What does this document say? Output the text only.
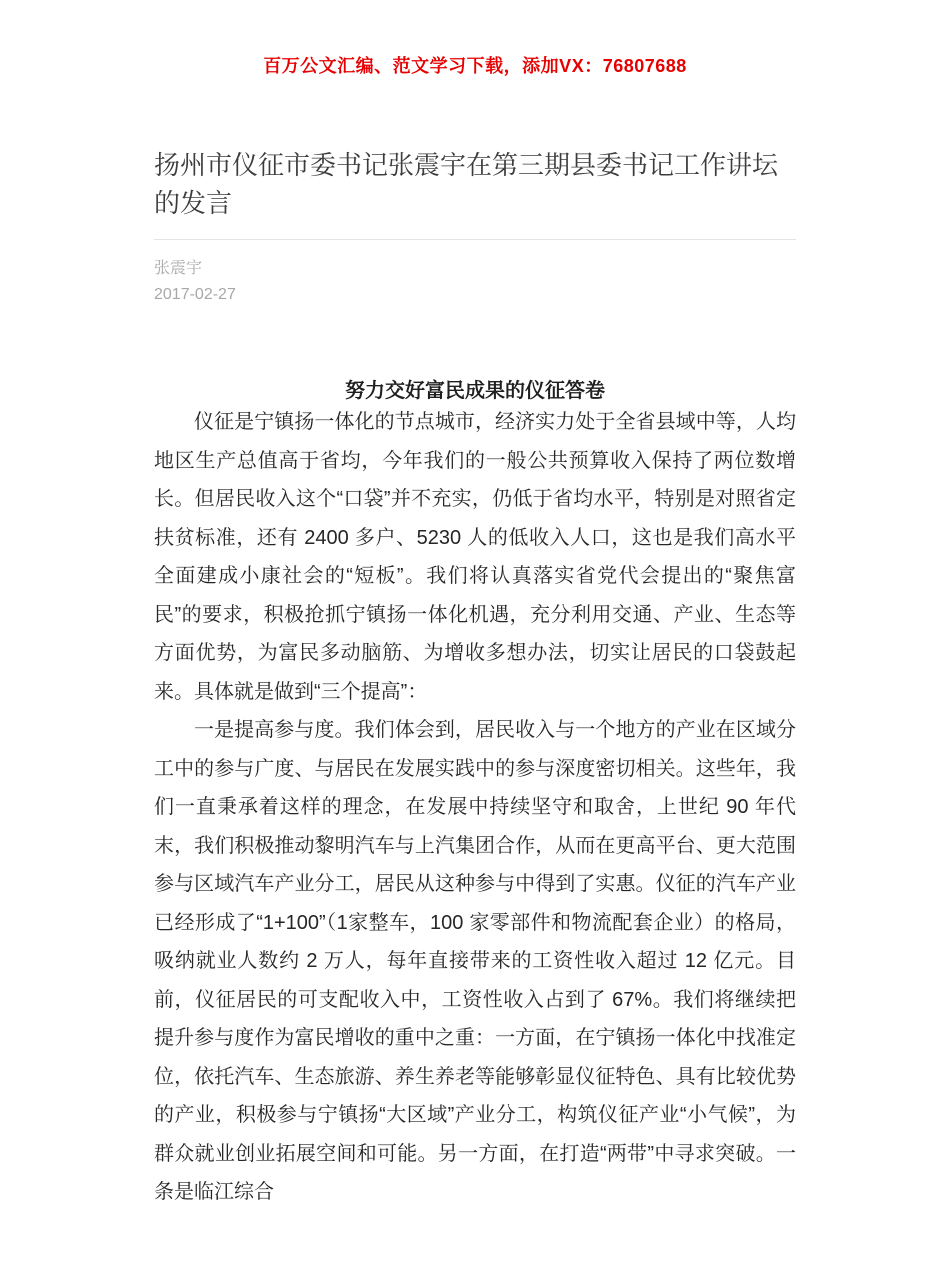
百万公文汇编、范文学习下载，添加VX：76807688
扬州市仪征市委书记张震宇在第三期县委书记工作讲坛的发言
张震宇
2017-02-27
努力交好富民成果的仪征答卷

仪征是宁镇扬一体化的节点城市，经济实力处于全省县域中等，人均地区生产总值高于省均，今年我们的一般公共预算收入保持了两位数增长。但居民收入这个“口袋”并不充实，仍低于省均水平，特别是对照省定扶贫标准，还有 2400 多户、5230 人的低收入人口，这也是我们高水平全面建成小康社会的“短板”。我们将认真落实省党代会提出的“聚焦富民”的要求，积极抢抓宁镇扬一体化机遇，充分利用交通、产业、生态等方面优势，为富民多动脑筋、为增收多想办法，切实让居民的口袋鼓起来。具体就是做到“三个提高”：

一是提高参与度。我们体会到，居民收入与一个地方的产业在区域分工中的参与广度、与居民在发展实践中的参与深度密切相关。这些年，我们一直秉承着这样的理念，在发展中持续坚守和取舍，上世纪 90 年代末，我们积极推动黎明汽车与上汽集团合作，从而在更高平台、更大范围参与区域汽车产业分工，居民从这种参与中得到了实惠。仪征的汽车产业已经形成了“1+100”（1家整车，100 家零部件和物流配套企业）的格局，吸纳就业人数约 2 万人，每年直接带来的工资性收入超过 12 亿元。目前，仪征居民的可支配收入中，工资性收入占到了 67%。我们将继续把提升参与度作为富民增收的重中之重：一方面，在宁镇扬一体化中找准定位，依托汽车、生态旅游、养生养老等能够彰显仪征特色、具有比较优势的产业，积极参与宁镇扬“大区域”产业分工，构筑仪征产业“小气候”，为群众就业创业拓展空间和可能。另一方面，在打造“两带”中寻求突破。一条是临江综合
